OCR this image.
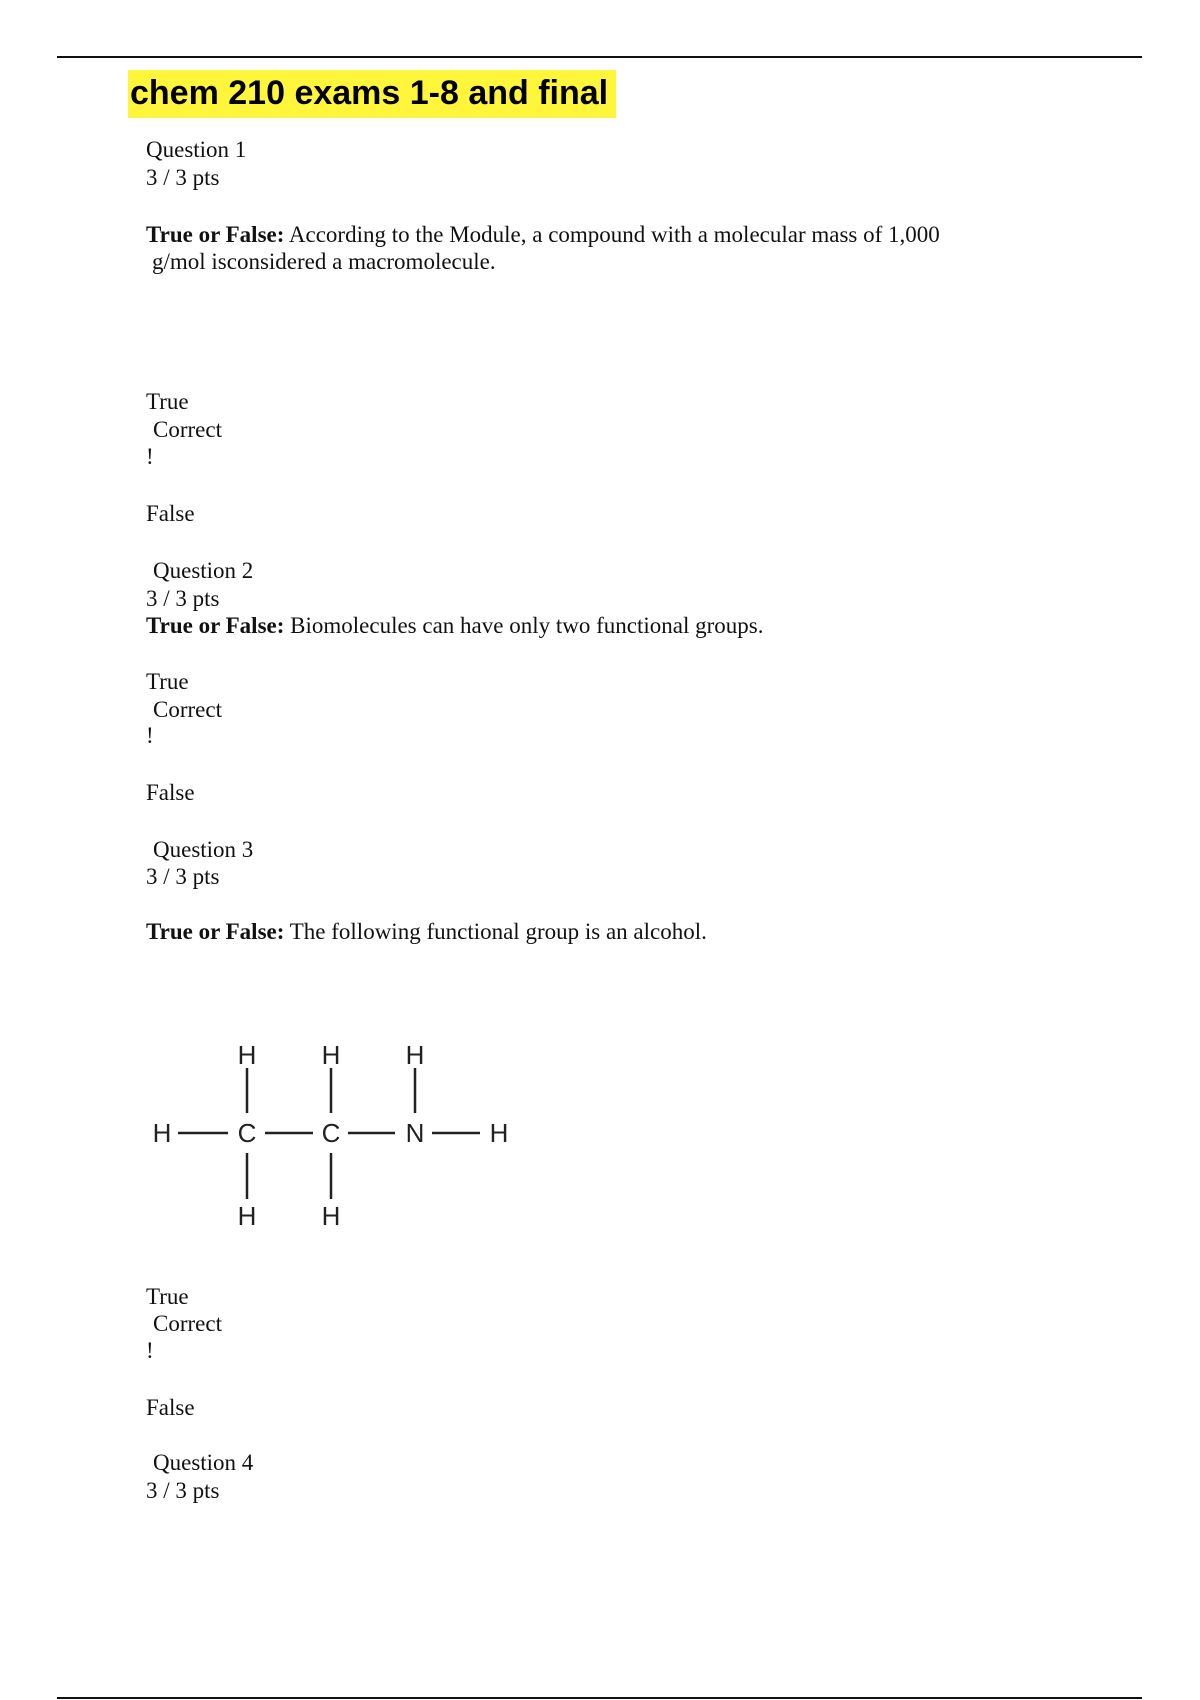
chem 210 exams 1-8 and final
Question 1
3 / 3 pts
True or False: According to the Module, a compound with a molecular mass of 1,000
g/mol isconsidered a macromolecule.
True
Correct
!
False
Question 2
3 / 3 pts
True or False: Biomolecules can have only two functional groups.
True
Correct
!
False
Question 3
3 / 3 pts
True or False: The following functional group is an alcohol.
H	H	H
H	C	C	N	H
H	H
True
Correct
!
False
Question 4
3 / 3 pts
